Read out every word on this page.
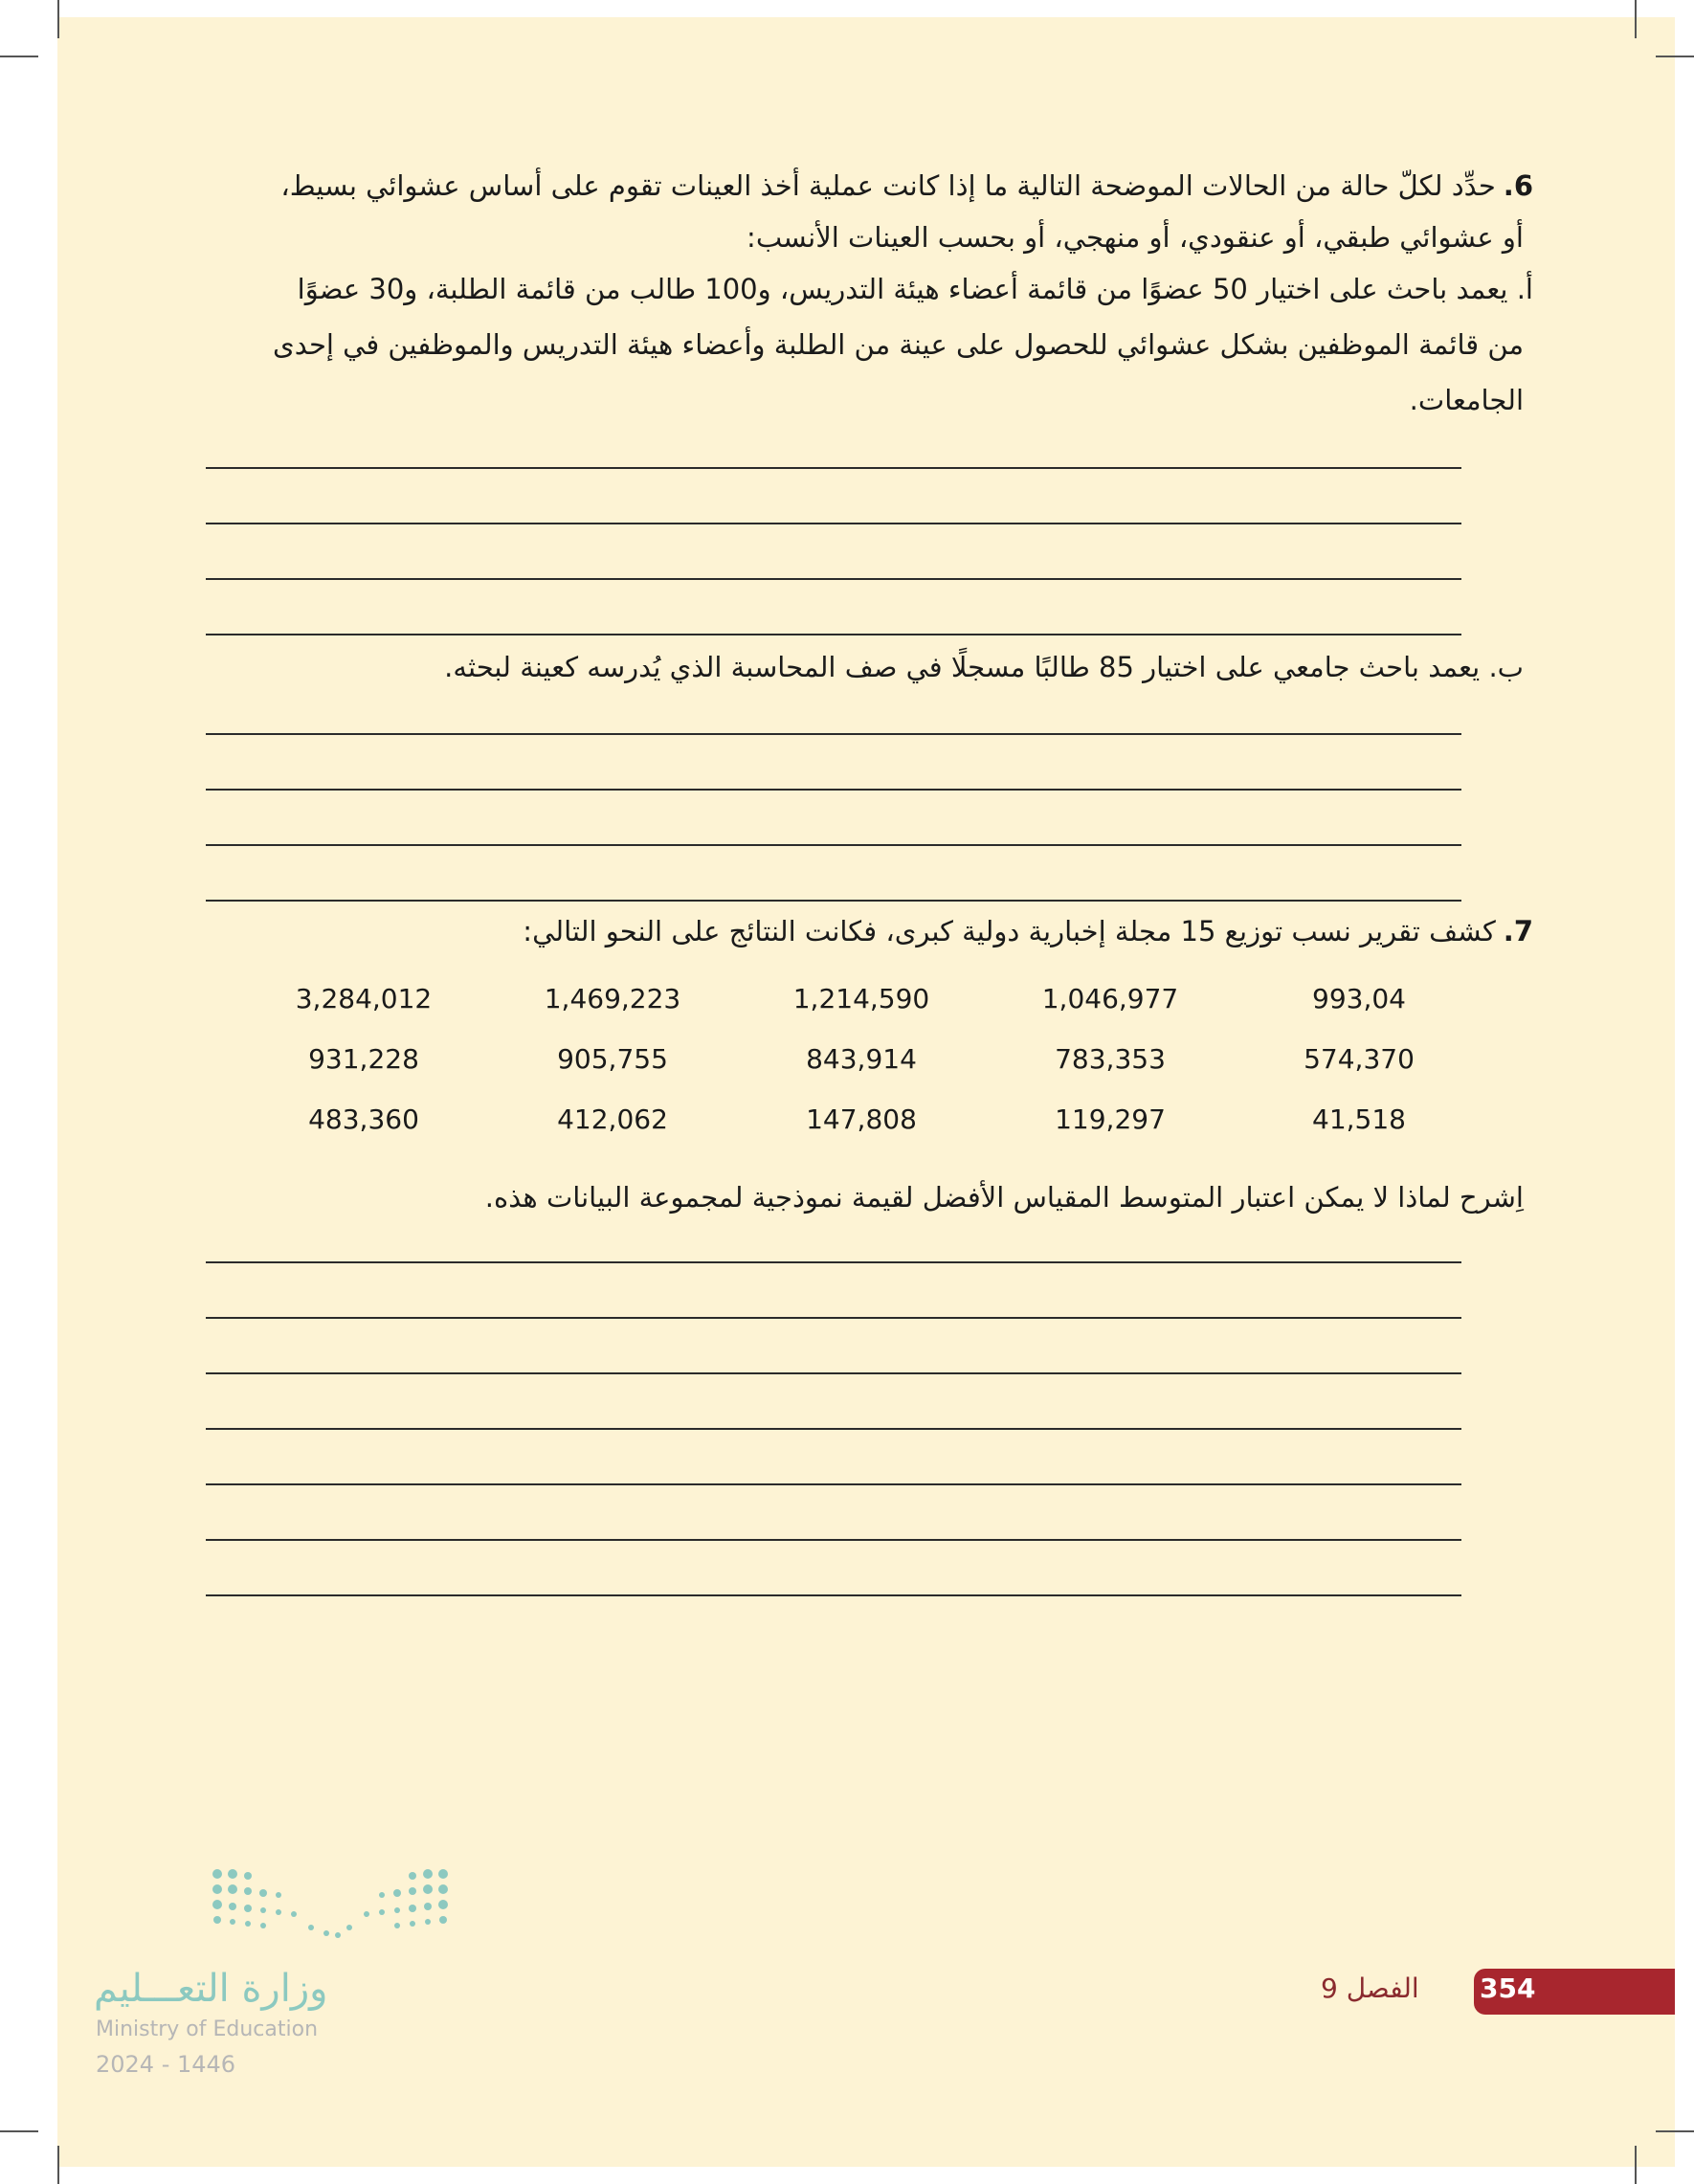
6.حدِّد لكلّ حالة من الحالات الموضحة التالية ما إذا كانت عملية أخذ العينات تقوم على أساس عشوائي بسيط،
أو عشوائي طبقي، أو عنقودي، أو منهجي، أو بحسب العينات الأنسب:
أ. يعمد باحث على اختيار 50 عضوًا من قائمة أعضاء هيئة التدريس، و100 طالب من قائمة الطلبة، و30 عضوًا
من قائمة الموظفين بشكل عشوائي للحصول على عينة من الطلبة وأعضاء هيئة التدريس والموظفين في إحدى
الجامعات.
ب. يعمد باحث جامعي على اختيار 85 طالبًا مسجلًا في صف المحاسبة الذي يُدرسه كعينة لبحثه.
7.كشف تقرير نسب توزيع 15 مجلة إخبارية دولية كبرى، فكانت النتائج على النحو التالي:
993,04	1,046,977	1,214,590	1,469,223	3,284,012
574,370	783,353	843,914	905,755	931,228
41,518	119,297	147,808	412,062	483,360
اِشرح لماذا لا يمكن اعتبار المتوسط المقياس الأفضل لقيمة نموذجية لمجموعة البيانات هذه.
وزارة التعـــليم
Ministry of Education
2024 - 1446
354
الفصل 9
